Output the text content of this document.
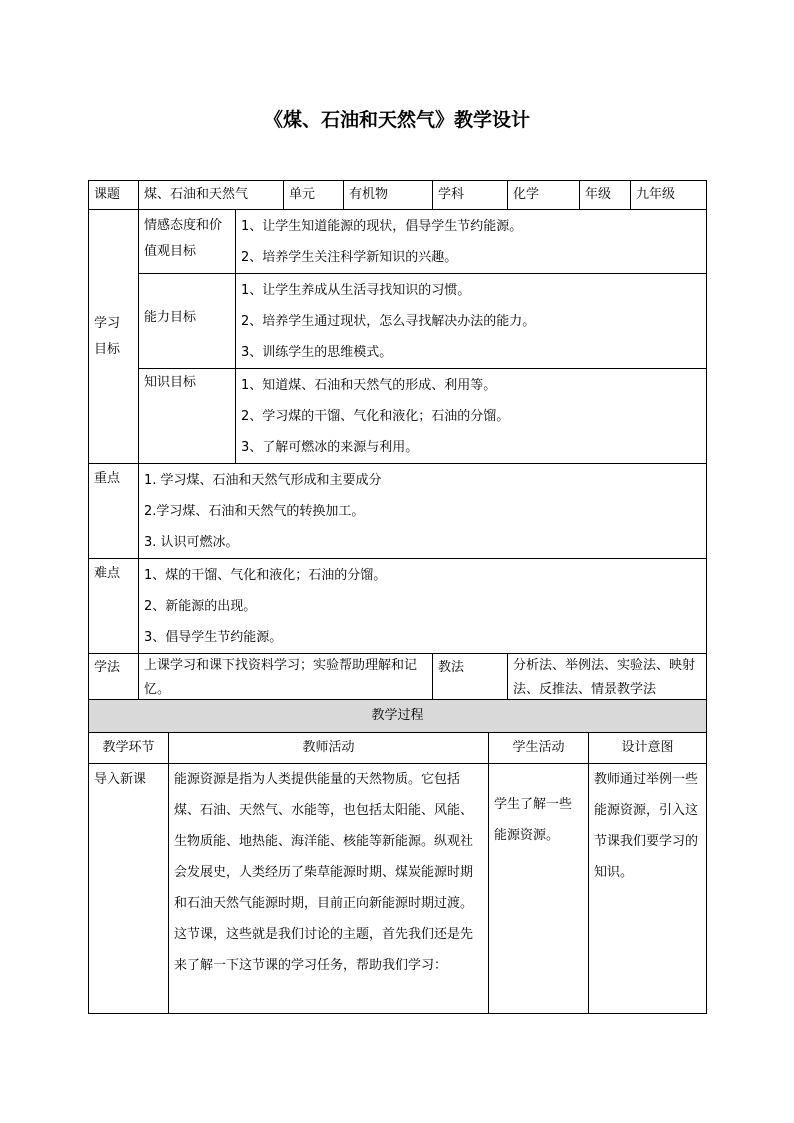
《煤、石油和天然气》教学设计
课题	煤、石油和天然气		单元	有机物	学科	化学	年级	九年级

学习目标	情感态度和价值观目标	1、让学生知道能源的现状，倡导学生节约能源。
2、培养学生关注科学新知识的兴趣。						

	能力目标	1、让学生养成从生活寻找知识的习惯。
2、培养学生通过现状，怎么寻找解决办法的能力。
3、训练学生的思维模式。						

	知识目标	1、知道煤、石油和天然气的形成、利用等。
2、学习煤的干馏、气化和液化；石油的分馏。
3、了解可燃冰的来源与利用。						

重点	1. 学习煤、石油和天然气形成和主要成分
2.学习煤、石油和天然气的转换加工。
3. 认识可燃冰。							

难点	1、煤的干馏、气化和液化；石油的分馏。
2、新能源的出现。
3、倡导学生节约能源。							

学法	上课学习和课下找资料学习；实验帮助理解和记忆。				教法	分析法、举例法、实验法、映射法、反推法、情景教学法		
教学过程			
教学环节	教师活动	学生活动	设计意图
导入新课	能源资源是指为人类提供能量的天然物质。它包括煤、石油、天然气、水能等，也包括太阳能、风能、生物质能、地热能、海洋能、核能等新能源。纵观社会发展史，人类经历了柴草能源时期、煤炭能源时期和石油天然气能源时期，目前正向新能源时期过渡。 这节课，这些就是我们讨论的主题，首先我们还是先来了解一下这节课的学习任务，帮助我们学习：	学生了解一些能源资源。	教师通过举例一些能源资源，引入这节课我们要学习的知识。
